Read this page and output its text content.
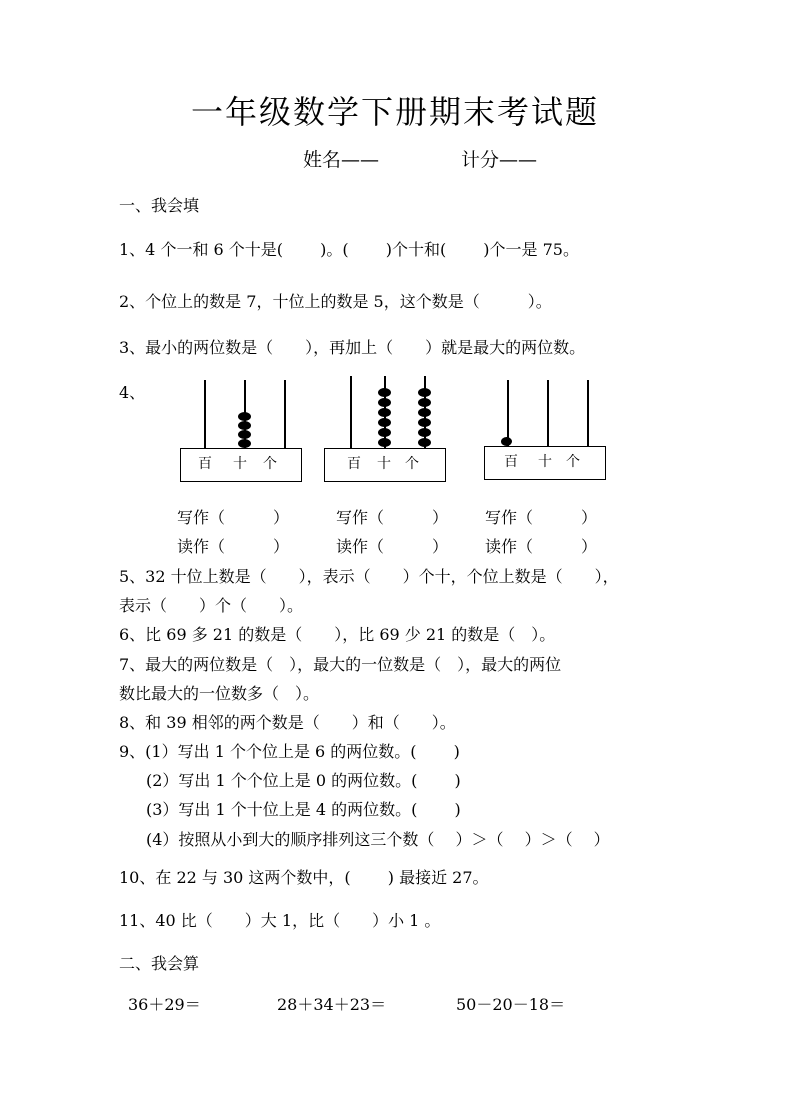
一年级数学下册期末考试题
姓名——	计分——
一、我会填
1、4 个一和 6 个十是(　　 )。(　　 )个十和(　　 )个一是 75。
2、个位上的数是 7，十位上的数是 5，这个数是（　　　）。
3、最小的两位数是（　　），再加上（　　）就是最大的两位数。
4、
百 十 个	百 十 个	百 十 个
写作（　　　）	写作（　　　） 写作（　　　）
读作（　　　）	读作（　　　） 读作（　　　）
5、32 十位上数是（　　），表示（　　）个十，个位上数是（　　），
表示（　　）个（　　）。
6、比 69 多 21 的数是（　　），比 69 少 21 的数是（　）。
7、最大的两位数是（　），最大的一位数是（　），最大的两位
数比最大的一位数多（　）。
8、和 39 相邻的两个数是（　　）和（　　）。
9、(1）写出 1 个个位上是 6 的两位数。(　　 )
(2）写出 1 个个位上是 0 的两位数。(　　 )
(3）写出 1 个十位上是 4 的两位数。(　　 )
(4）按照从小到大的顺序排列这三个数（　 ）＞（　 ）＞（　 ）
10、在 22 与 30 这两个数中，(　　 ) 最接近 27。
11、40 比（　　）大 1，比（　　）小 1 。
二、我会算
36＋29＝	28＋34＋23＝	50－20－18＝
